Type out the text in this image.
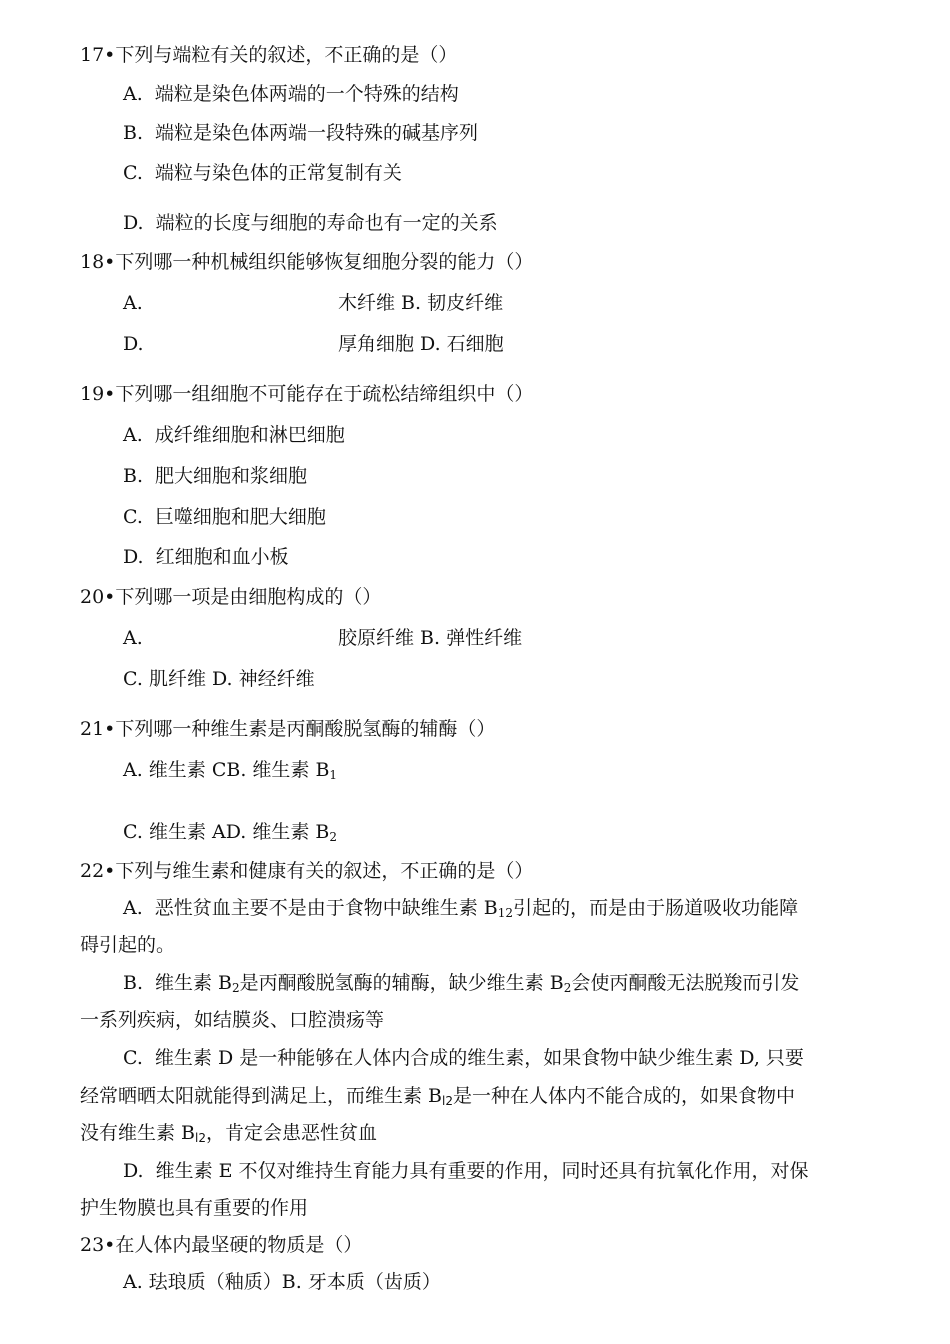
17•下列与端粒有关的叙述，不正确的是（）
A. 端粒是染色体两端的一个特殊的结构
B. 端粒是染色体两端一段特殊的碱基序列
C. 端粒与染色体的正常复制有关
D. 端粒的长度与细胞的寿命也有一定的关系
18•下列哪一种机械组织能够恢复细胞分裂的能力（）
A.	木纤维 B. 韧皮纤维
D.	厚角细胞 D. 石细胞
19•下列哪一组细胞不可能存在于疏松结缔组织中（）
A. 成纤维细胞和淋巴细胞
B. 肥大细胞和浆细胞
C. 巨噬细胞和肥大细胞
D. 红细胞和血小板
20•下列哪一项是由细胞构成的（）
A.	胶原纤维 B. 弹性纤维
C. 肌纤维 D. 神经纤维
21•下列哪一种维生素是丙酮酸脱氢酶的辅酶（）
A. 维生素 CB. 维生素 $B_1$
C. 维生素 AD. 维生素 $B_2$
22•下列与维生素和健康有关的叙述，不正确的是（）
A. 恶性贫血主要不是由于食物中缺维生素 $B_{12}$引起的，而是由于肠道吸收功能障
碍引起的。
B. 维生素 $B_2$是丙酮酸脱氢酶的辅酶，缺少维生素 $B_2$会使丙酮酸无法脱羧而引发
一系列疾病，如结膜炎、口腔溃疡等
C. 维生素 D 是一种能够在人体内合成的维生素，如果食物中缺少维生素 D, 只要
经常晒晒太阳就能得到满足上，而维生素 $B_{l2}$是一种在人体内不能合成的，如果食物中
没有维生素 $B_{l2}$，肯定会患恶性贫血
D. 维生素 E 不仅对维持生育能力具有重要的作用，同时还具有抗氧化作用，对保
护生物膜也具有重要的作用
23•在人体内最坚硬的物质是（）
A. 珐琅质（釉质）B. 牙本质（齿质）
